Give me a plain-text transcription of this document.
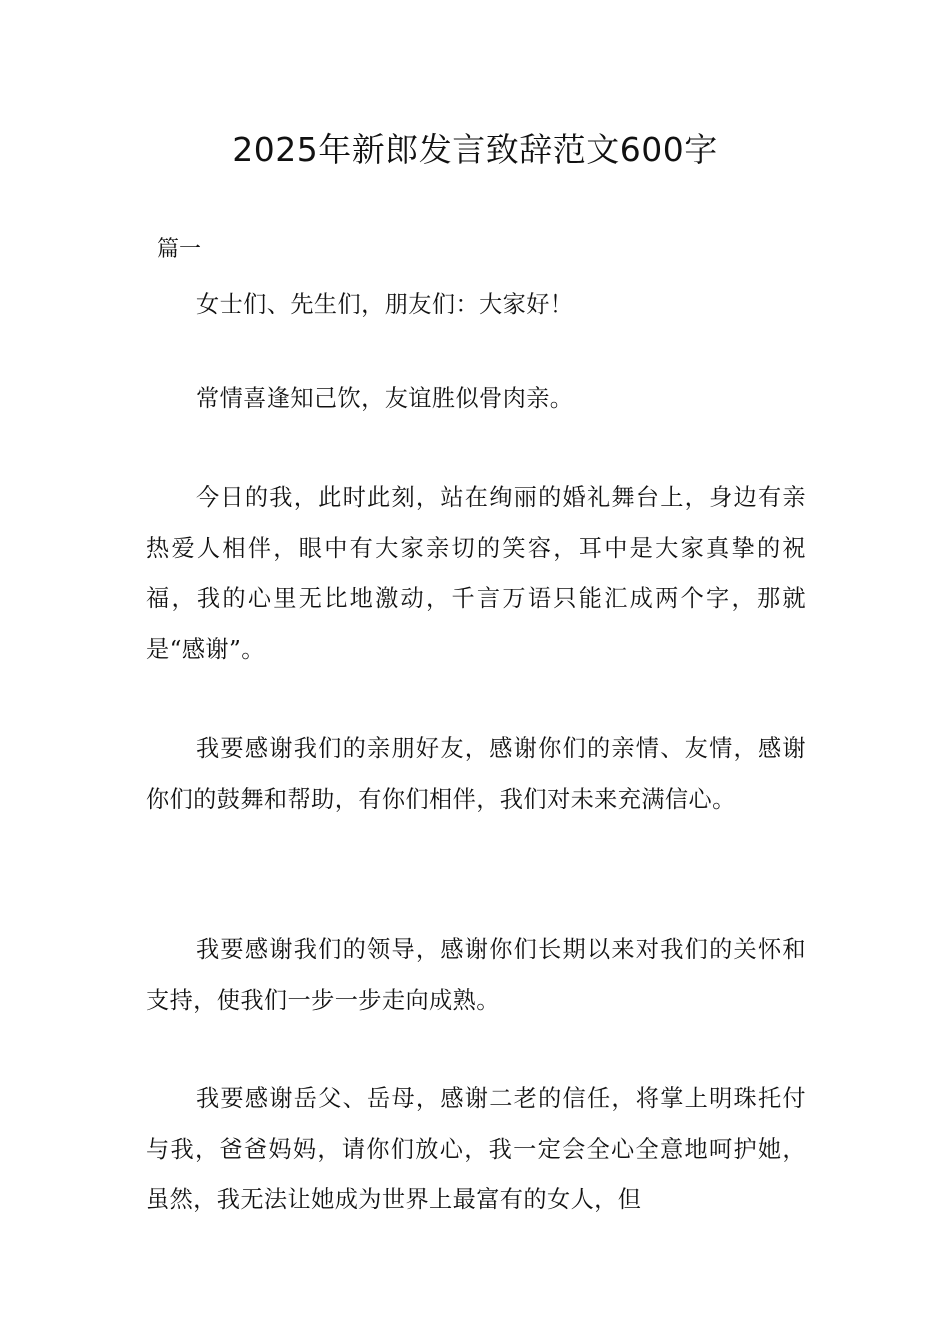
2025年新郎发言致辞范文600字
篇一

女士们、先生们，朋友们：大家好！

常情喜逢知己饮，友谊胜似骨肉亲。

今日的我，此时此刻，站在绚丽的婚礼舞台上，身边有亲热爱人相伴，眼中有大家亲切的笑容，耳中是大家真挚的祝福，我的心里无比地激动，千言万语只能汇成两个字，那就是“感谢”。

我要感谢我们的亲朋好友，感谢你们的亲情、友情，感谢你们的鼓舞和帮助，有你们相伴，我们对未来充满信心。

我要感谢我们的领导，感谢你们长期以来对我们的关怀和支持，使我们一步一步走向成熟。

我要感谢岳父、岳母，感谢二老的信任，将掌上明珠托付与我，爸爸妈妈，请你们放心，我一定会全心全意地呵护她，虽然，我无法让她成为世界上最富有的女人，但
